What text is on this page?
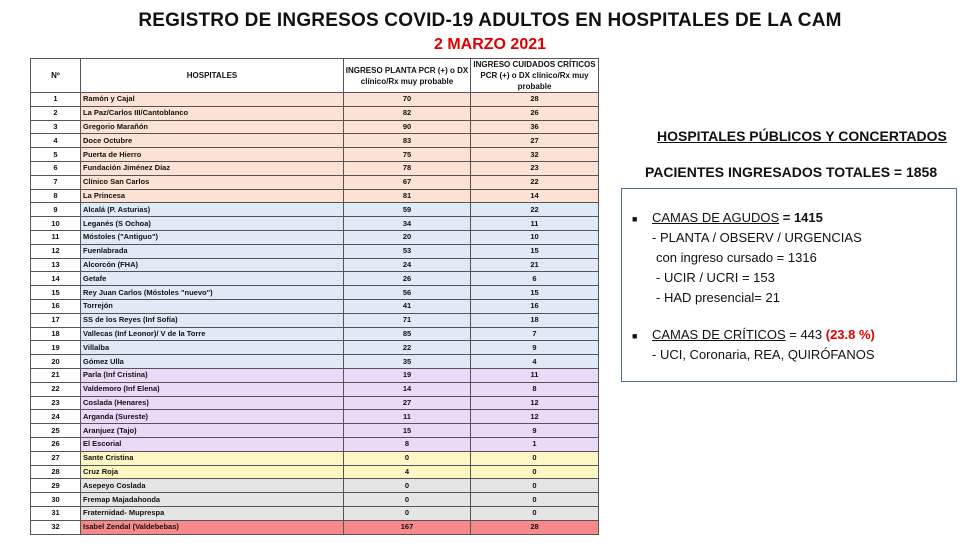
REGISTRO DE INGRESOS COVID-19 ADULTOS EN HOSPITALES DE LA CAM
2 MARZO 2021
Nº	HOSPITALES	INGRESO PLANTA PCR (+) o DX clínico/Rx muy probable	INGRESO CUIDADOS CRÍTICOS PCR (+) o DX clínico/Rx muy probable
1	Ramón y Cajal	70	28
2	La Paz/Carlos III/Cantoblanco	82	26
3	Gregorio Marañón	90	36
4	Doce Octubre	83	27
5	Puerta de Hierro	75	32
6	Fundación Jiménez Díaz	78	23
7	Clínico San Carlos	67	22
8	La Princesa	81	14
9	Alcalá (P. Asturias)	59	22
10	Leganés (S Ochoa)	34	11
11	Móstoles ("Antiguo")	20	10
12	Fuenlabrada	53	15
13	Alcorcón (FHA)	24	21
14	Getafe	26	6
15	Rey Juan Carlos (Móstoles "nuevo")	56	15
16	Torrejón	41	16
17	SS de los Reyes (Inf Sofía)	71	18
18	Vallecas (Inf Leonor)/ V de la Torre	85	7
19	Villalba	22	9
20	Gómez Ulla	35	4
21	Parla (Inf Cristina)	19	11
22	Valdemoro (Inf Elena)	14	8
23	Coslada (Henares)	27	12
24	Arganda (Sureste)	11	12
25	Aranjuez (Tajo)	15	9
26	El Escorial	8	1
27	Sante Cristina	0	0
28	Cruz Roja	4	0
29	Asepeyo Coslada	0	0
30	Fremap Majadahonda	0	0
31	Fraternidad- Muprespa	0	0
32	Isabel Zendal (Valdebebas)	167	28
HOSPITALES PÚBLICOS Y CONCERTADOS
PACIENTES INGRESADOS TOTALES = 1858
■ CAMAS DE AGUDOS = 1415
- PLANTA / OBSERV / URGENCIAS
con ingreso cursado = 1316
- UCIR / UCRI = 153
- HAD presencial= 21
■ CAMAS DE CRÍTICOS = 443 (23.8 %)
- UCI, Coronaria, REA, QUIRÓFANOS
